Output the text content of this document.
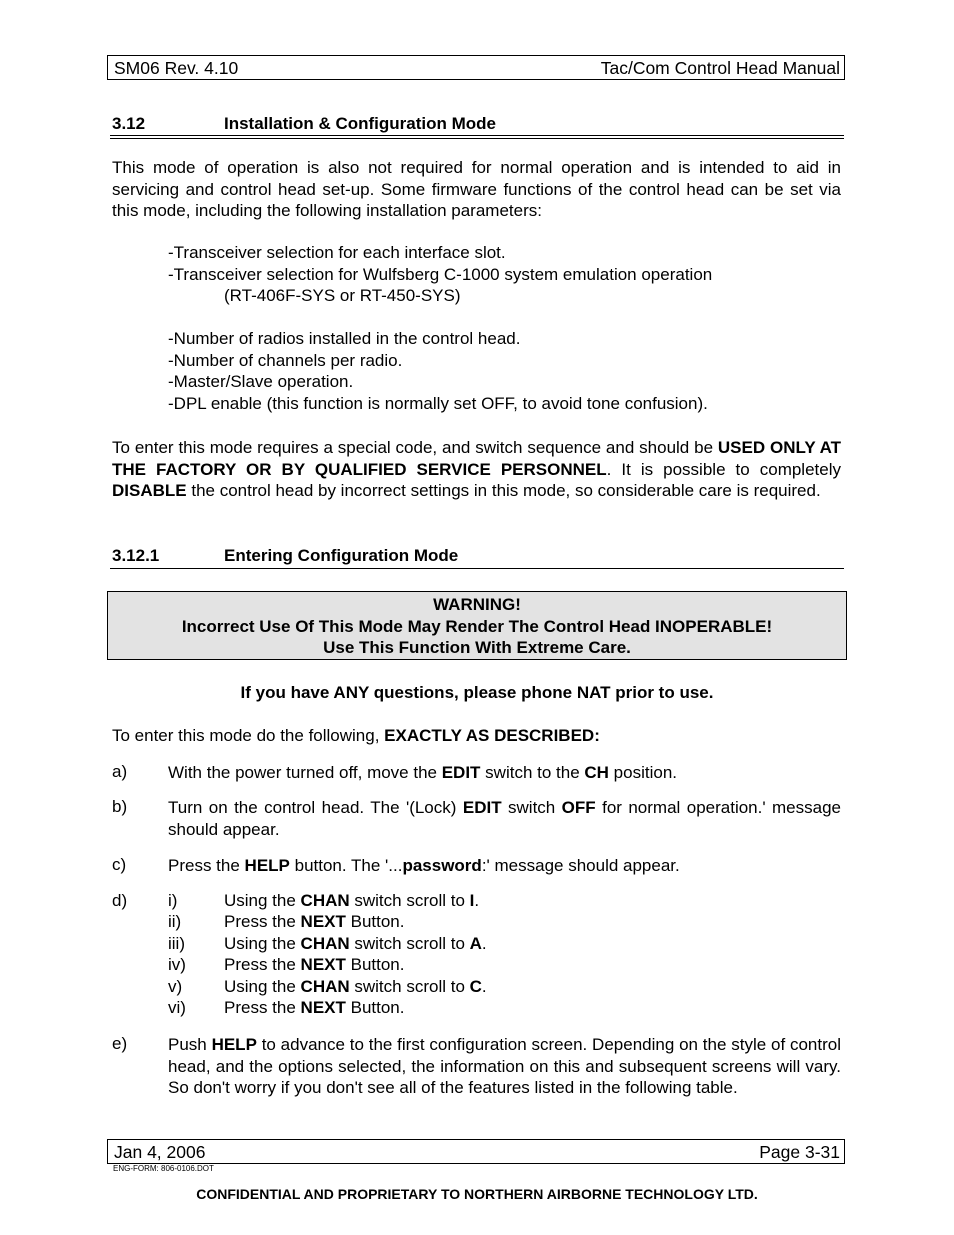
SM06 Rev. 4.10	Tac/Com Control Head Manual
3.12	Installation & Configuration Mode
This mode of operation is also not required for normal operation and is intended to aid in servicing and control head set-up. Some firmware functions of the control head can be set via this mode, including the following installation parameters:
-Transceiver selection for each interface slot.
-Transceiver selection for Wulfsberg C-1000 system emulation operation
(RT-406F-SYS or RT-450-SYS)
-Number of radios installed in the control head.
-Number of channels per radio.
-Master/Slave operation.
-DPL enable (this function is normally set OFF, to avoid tone confusion).
To enter this mode requires a special code, and switch sequence and should be USED ONLY AT THE FACTORY OR BY QUALIFIED SERVICE PERSONNEL. It is possible to completely DISABLE the control head by incorrect settings in this mode, so considerable care is required.
3.12.1	Entering Configuration Mode
WARNING!
Incorrect Use Of This Mode May Render The Control Head INOPERABLE!
Use This Function With Extreme Care.
If you have ANY questions, please phone NAT prior to use.
To enter this mode do the following, EXACTLY AS DESCRIBED:
a) With the power turned off, move the EDIT switch to the CH position.
b) Turn on the control head. The '(Lock) EDIT switch OFF for normal operation.' message should appear.
c) Press the HELP button. The '...password:' message should appear.
d) i)	Using the CHAN switch scroll to I.
ii)	Press the NEXT Button.
iii) Using the CHAN switch scroll to A.
iv) Press the NEXT Button.
v) Using the CHAN switch scroll to C.
vi) Press the NEXT Button.
e) Push HELP to advance to the first configuration screen. Depending on the style of control head, and the options selected, the information on this and subsequent screens will vary. So don't worry if you don't see all of the features listed in the following table.
Jan 4, 2006	Page 3-31
ENG-FORM: 806-0106.DOT
CONFIDENTIAL AND PROPRIETARY TO NORTHERN AIRBORNE TECHNOLOGY LTD.
